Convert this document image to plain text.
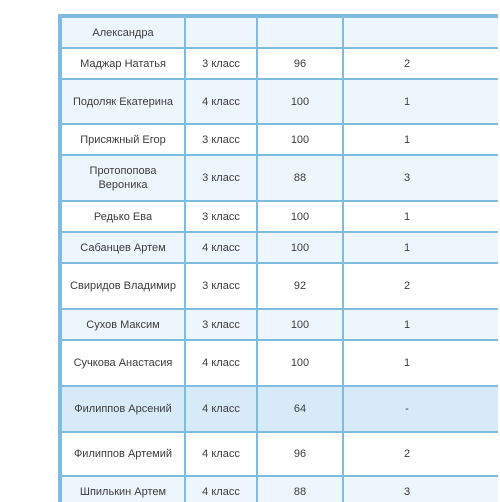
Александра			
Маджар Нататья	3 класс	96	2
Подоляк Екатерина	4 класс	100	1
Присяжный Егор	3 класс	100	1
Протопопова Вероника	3 класс	88	3
Редько Ева	3 класс	100	1
Сабанцев Артем	4 класс	100	1
Свиридов Владимир	3 класс	92	2
Сухов Максим	3 класс	100	1
Сучкова Анастасия	4 класс	100	1
Филиппов Арсений	4 класс	64	-
Филиппов Артемий	4 класс	96	2
Шпилькин Артем	4 класс	88	3
